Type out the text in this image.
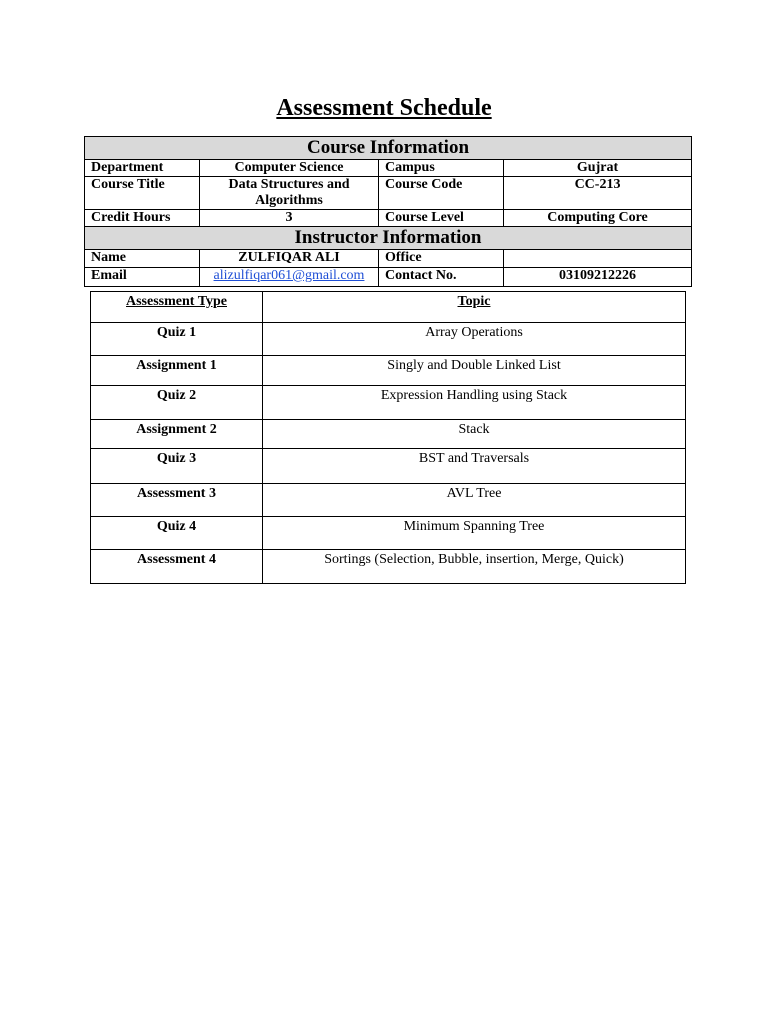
Assessment Schedule
Course Information			
Department	Computer Science	Campus	Gujrat
Course Title	Data Structures and Algorithms	Course Code	CC-213
Credit Hours	3	Course Level	Computing Core
Instructor Information			
Name	ZULFIQAR ALI	Office	
Email	alizulfiqar061@gmail.com	Contact No.	03109212226
Assessment Type	Topic
Quiz 1	Array Operations
Assignment 1	Singly and Double Linked List
Quiz 2	Expression Handling using Stack
Assignment 2	Stack
Quiz 3	BST and Traversals
Assessment 3	AVL Tree
Quiz 4	Minimum Spanning Tree
Assessment 4	Sortings (Selection, Bubble, insertion, Merge, Quick)
